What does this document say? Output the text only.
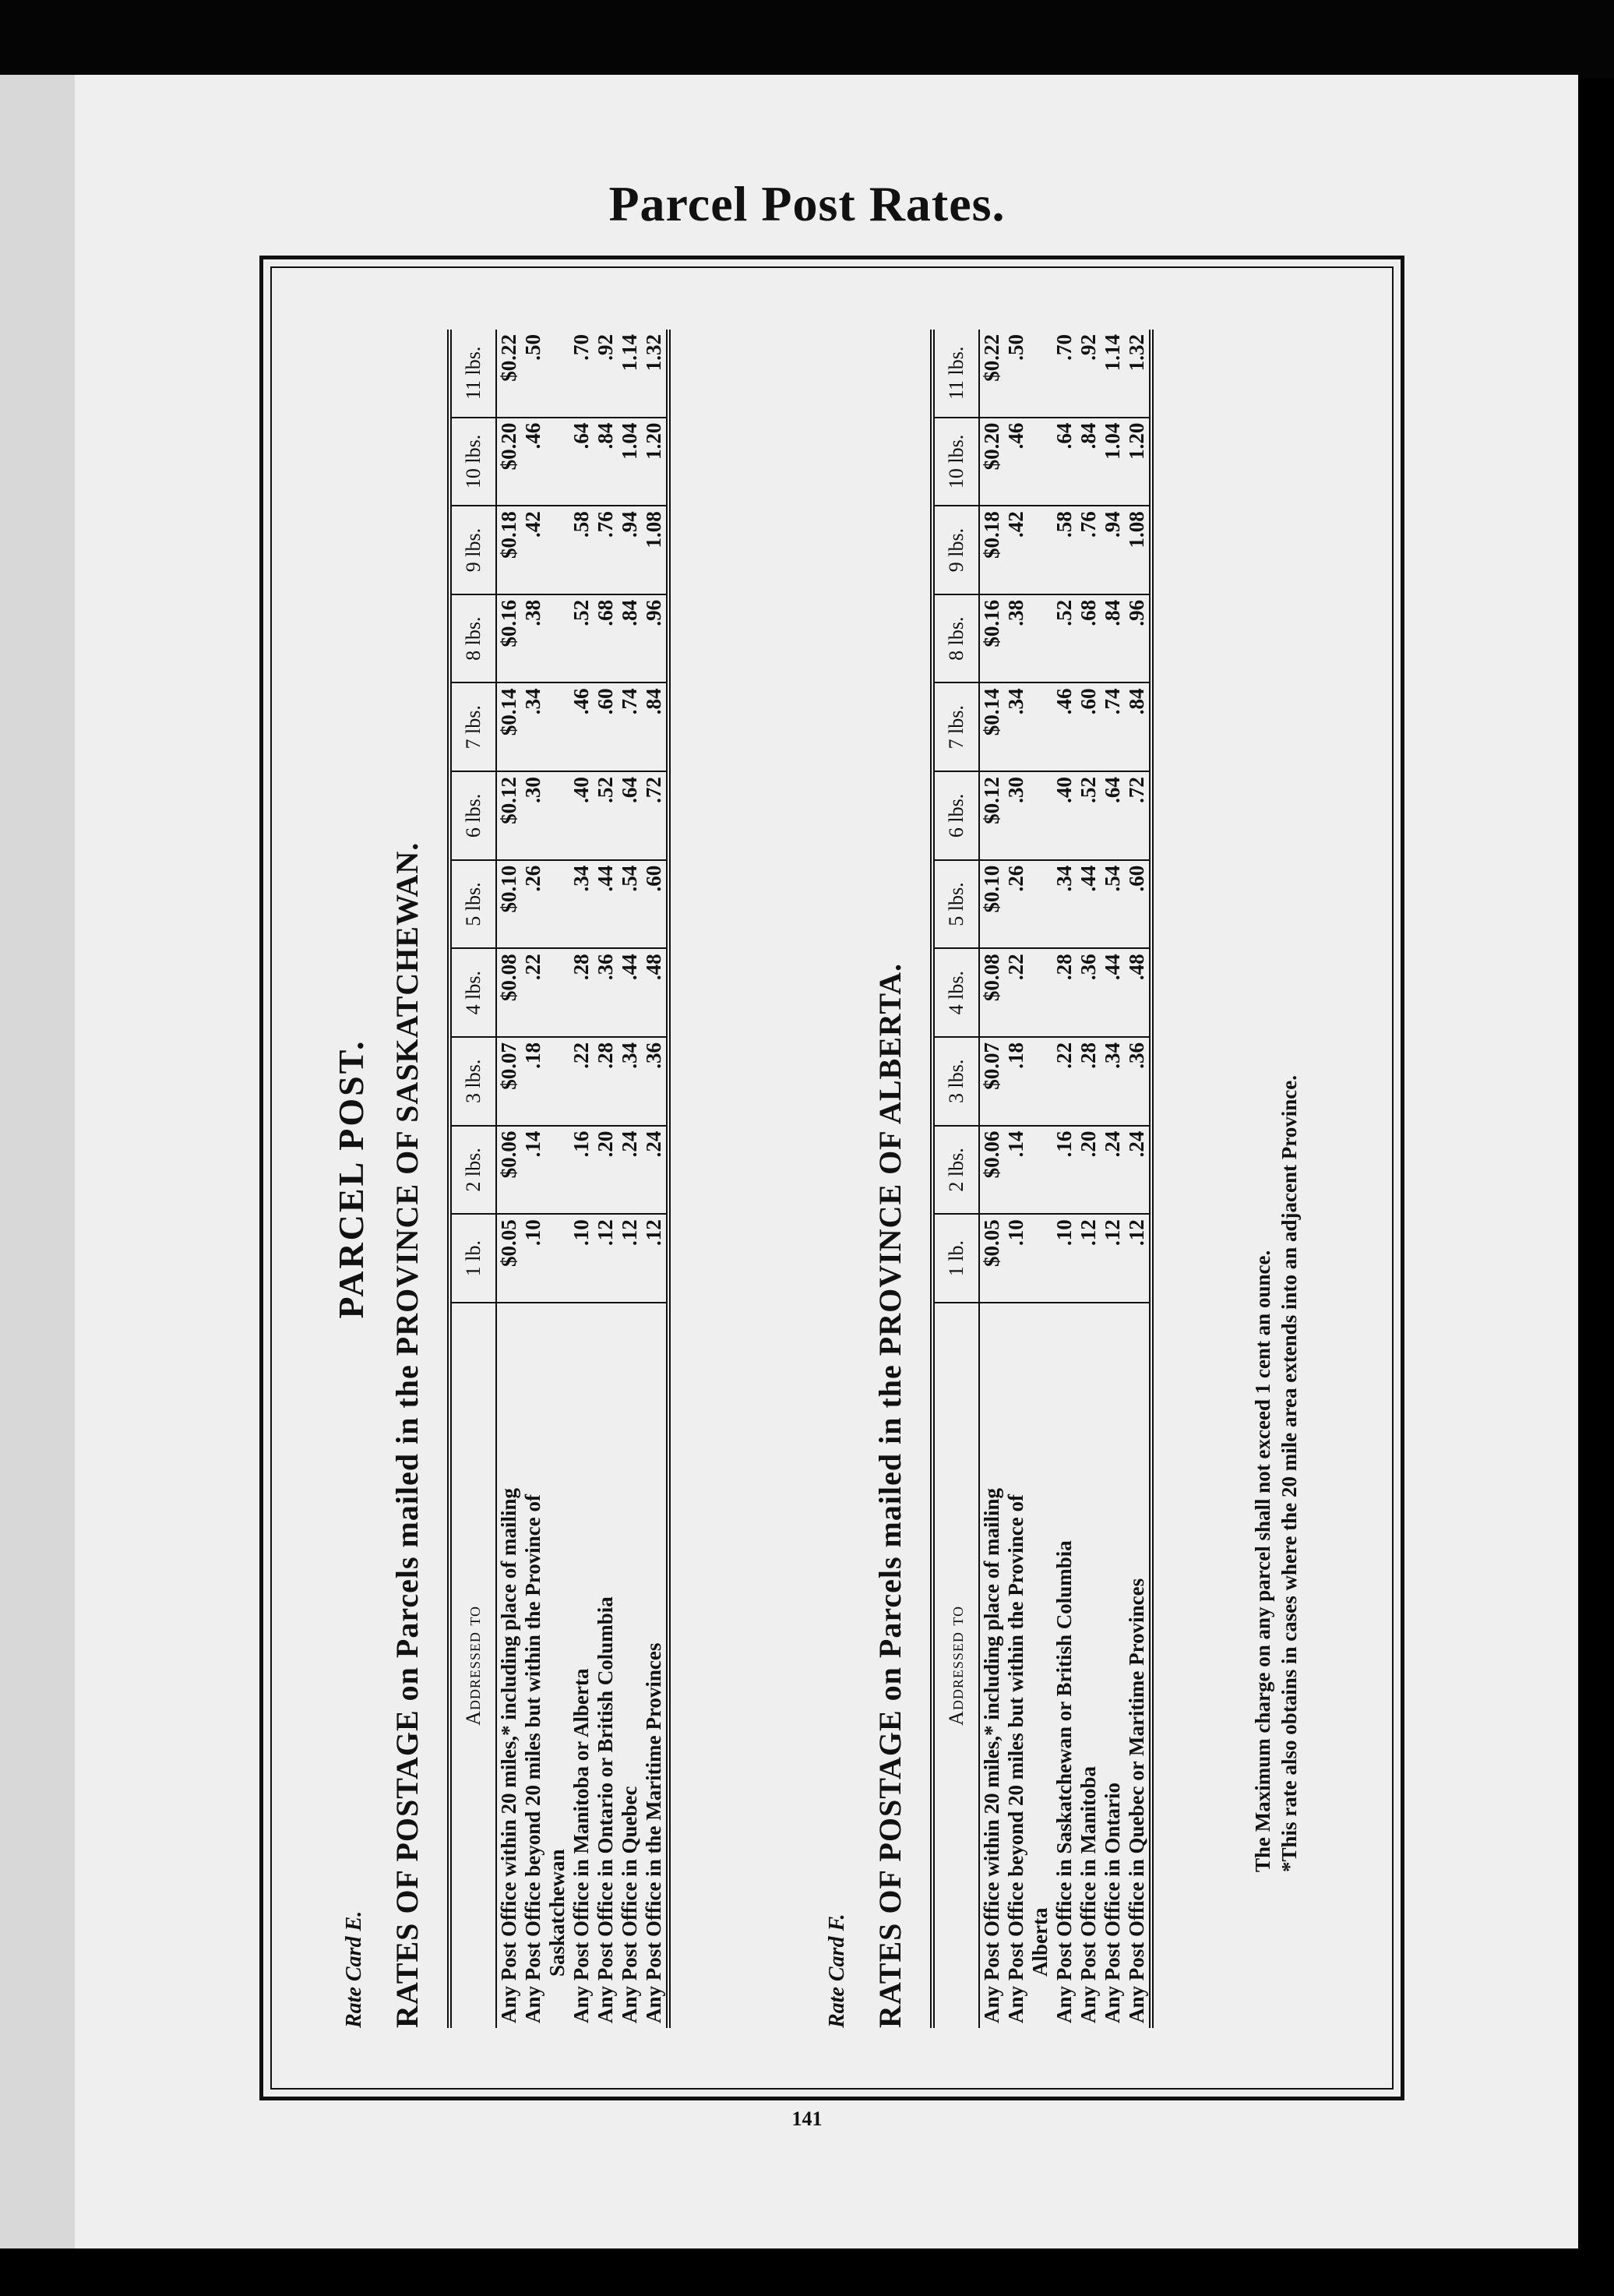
Parcel Post Rates.
PARCEL POST.
Rate Card E. RATES OF POSTAGE on Parcels mailed in the PROVINCE OF SASKATCHEWAN. Addressed to	1 lb.	2 lbs.	3 lbs.	4 lbs.	5 lbs.	6 lbs.	7 lbs.	8 lbs.	9 lbs.	10 lbs.	11 lbs.

Any Post Office within 20 miles,* including place of mailing	$0.05	$0.06	$0.07	$0.08	$0.10	$0.12	$0.14	$0.16	$0.18	$0.20	$0.22

Any Post Office beyond 20 miles but within the Province of Saskatchewan	.10	.14	.18	.22	.26	.30	.34	.38	.42	.46	.50

Any Post Office in Manitoba or Alberta	.10	.16	.22	.28	.34	.40	.46	.52	.58	.64	.70

Any Post Office in Ontario or British Columbia	.12	.20	.28	.36	.44	.52	.60	.68	.76	.84	.92

Any Post Office in Quebec	.12	.24	.34	.44	.54	.64	.74	.84	.94	1.04	1.14

Any Post Office in the Maritime Provinces	.12	.24	.36	.48	.60	.72	.84	.96	1.08	1.20	1.32
Rate Card F. RATES OF POSTAGE on Parcels mailed in the PROVINCE OF ALBERTA. Addressed to	1 lb.	2 lbs.	3 lbs.	4 lbs.	5 lbs.	6 lbs.	7 lbs.	8 lbs.	9 lbs.	10 lbs.	11 lbs.

Any Post Office within 20 miles,* including place of mailing	$0.05	$0.06	$0.07	$0.08	$0.10	$0.12	$0.14	$0.16	$0.18	$0.20	$0.22

Any Post Office beyond 20 miles but within the Province of Alberta	.10	.14	.18	.22	.26	.30	.34	.38	.42	.46	.50

Any Post Office in Saskatchewan or British Columbia	.10	.16	.22	.28	.34	.40	.46	.52	.58	.64	.70

Any Post Office in Manitoba	.12	.20	.28	.36	.44	.52	.60	.68	.76	.84	.92

Any Post Office in Ontario	.12	.24	.34	.44	.54	.64	.74	.84	.94	1.04	1.14

Any Post Office in Quebec or Maritime Provinces	.12	.24	.36	.48	.60	.72	.84	.96	1.08	1.20	1.32
The Maximum charge on any parcel shall not exceed 1 cent an ounce. *This rate also obtains in cases where the 20 mile area extends into an adjacent Province.
141
